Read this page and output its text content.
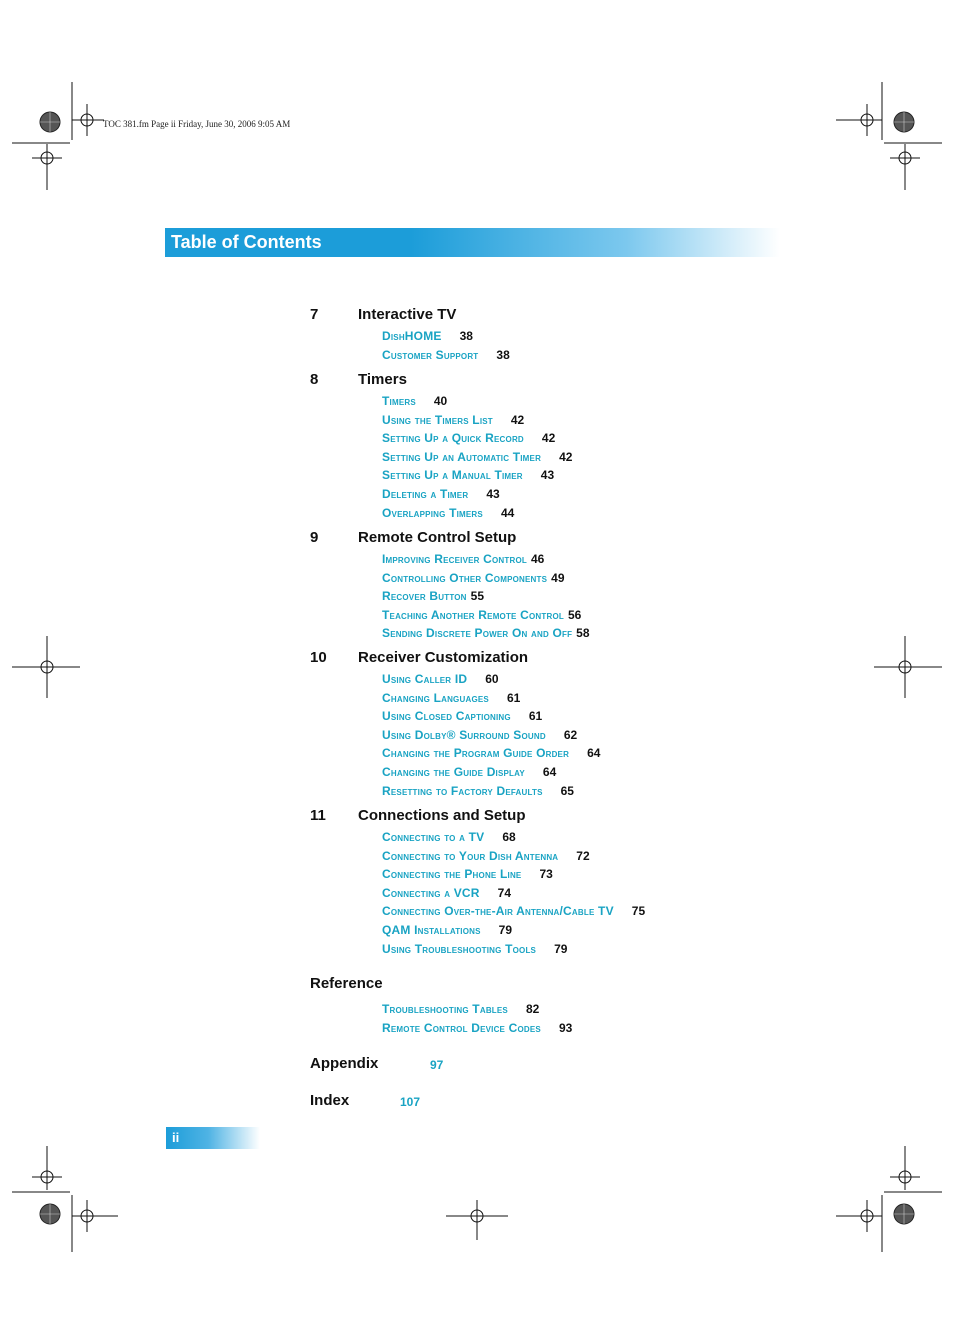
TOC 381.fm Page ii Friday, June 30, 2006 9:05 AM
Table of Contents
7	Interactive TV
DishHOME 38
Customer Support 38
8	Timers
Timers 40
Using the Timers List 42
Setting Up a Quick Record 42
Setting Up an Automatic Timer 42
Setting Up a Manual Timer 43
Deleting a Timer 43
Overlapping Timers 44
9	Remote Control Setup
Improving Receiver Control 46
Controlling Other Components 49
Recover Button 55
Teaching Another Remote Control 56
Sending Discrete Power On and Off 58
10 Receiver Customization
Using Caller ID 60
Changing Languages 61
Using Closed Captioning 61
Using Dolby® Surround Sound 62
Changing the Program Guide Order 64
Changing the Guide Display 64
Resetting to Factory Defaults 65
11 Connections and Setup
Connecting to a TV 68
Connecting to Your Dish Antenna 72
Connecting the Phone Line 73
Connecting a VCR 74
Connecting Over-the-Air Antenna/Cable TV 75
QAM Installations 79
Using Troubleshooting Tools 79
Reference
Troubleshooting Tables 82
Remote Control Device Codes 93
Appendix	97
Index	107
ii
